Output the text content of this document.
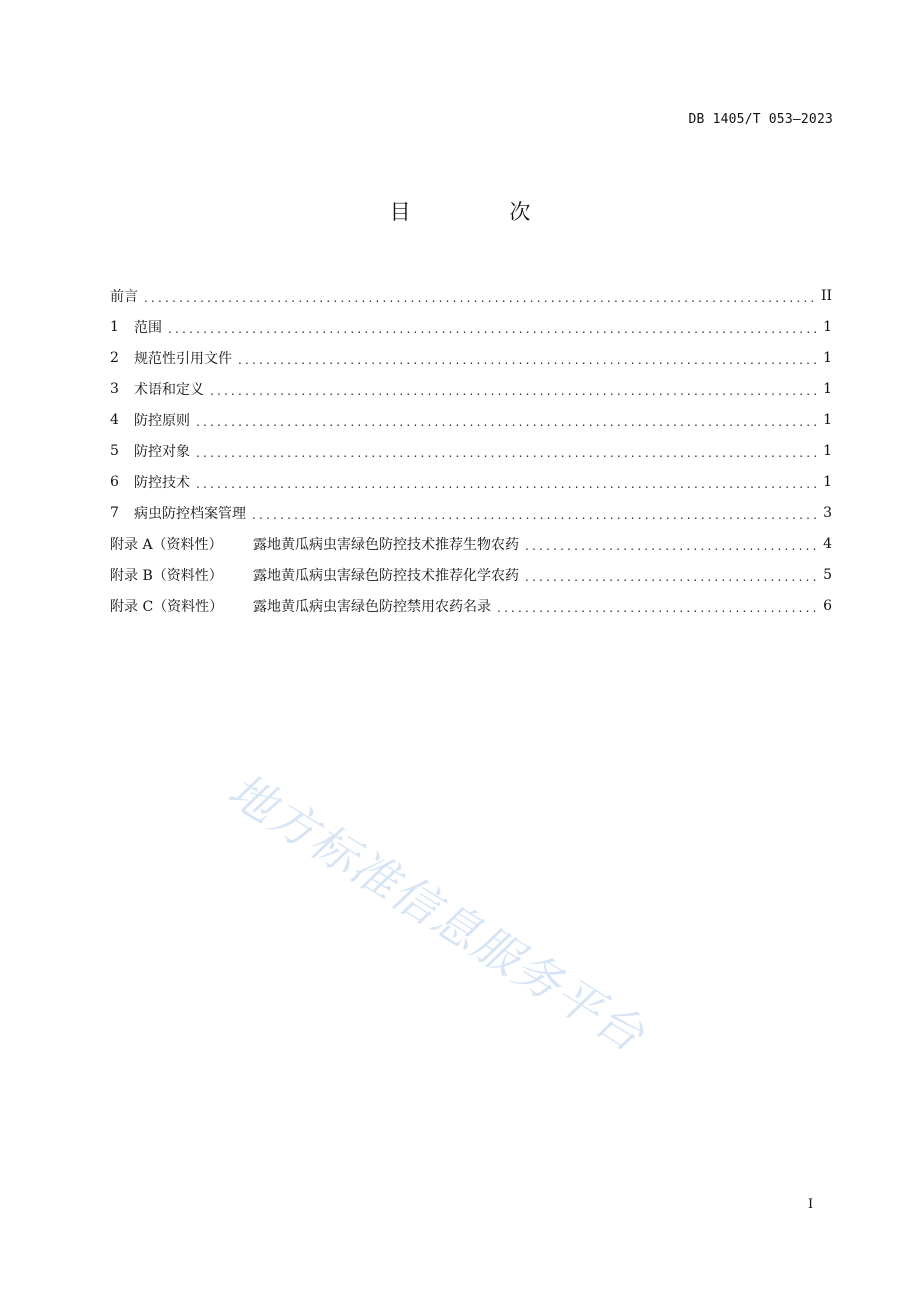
DB 1405/T 053—2023
目 次
前言 .....	II
1	范围 .....	1
2	规范性引用文件 .....	1
3	术语和定义 .....	1
4	防控原则 .....	1
5	防控对象 .....	1
6	防控技术 .....	1
7	病虫防控档案管理 .....	3
附录 A（资料性）	露地黄瓜病虫害绿色防控技术推荐生物农药 .....	4
附录 B（资料性）	露地黄瓜病虫害绿色防控技术推荐化学农药 .....	5
附录 C（资料性）	露地黄瓜病虫害绿色防控禁用农药名录 .....	6
地方标准信息服务平台
I
